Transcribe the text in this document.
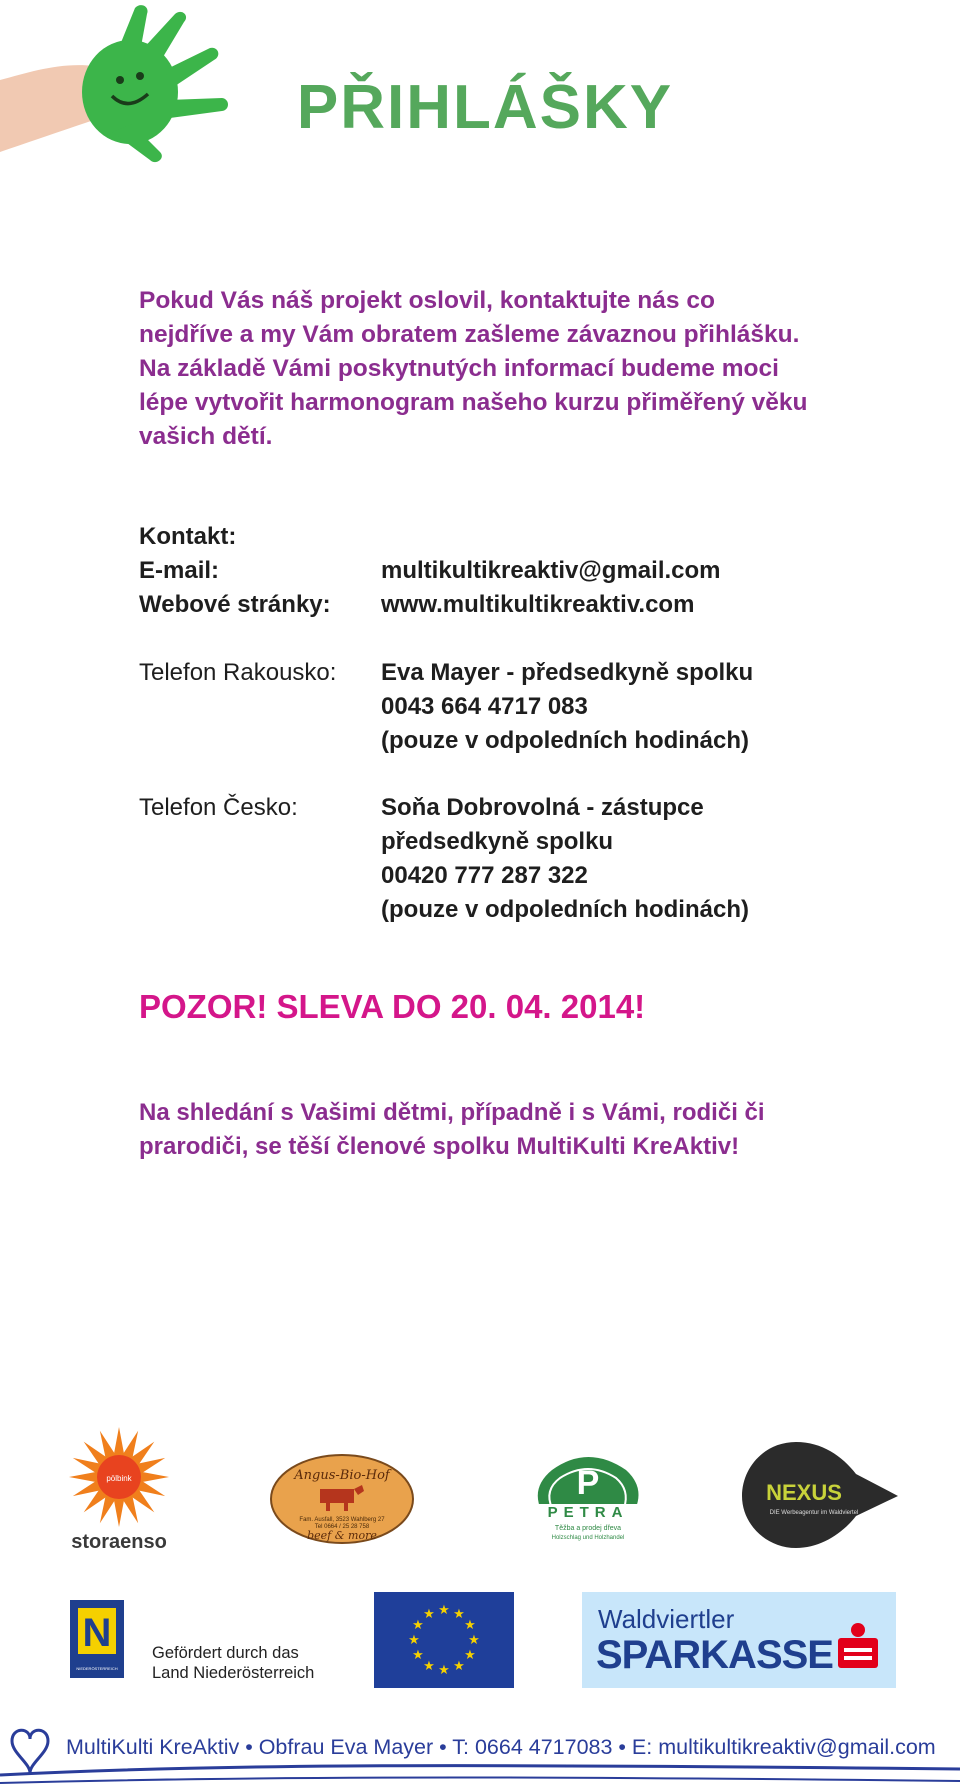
PŘIHLÁŠKY
Pokud Vás náš projekt oslovil, kontaktujte nás co
nejdříve a my Vám obratem zašleme závaznou přihlášku.
Na základě Vámi poskytnutých informací budeme moci
lépe vytvořit harmonogram našeho kurzu přiměřený věku
vašich dětí.
Kontakt:
E-mail:	multikultikreaktiv@gmail.com
Webové stránky: www.multikultikreaktiv.com
Telefon Rakousko: Eva Mayer - předsedkyně spolku
0043 664 4717 083
(pouze v odpoledních hodinách)
Telefon Česko:	Soňa Dobrovolná - zástupce
předsedkyně spolku
00420 777 287 322
(pouze v odpoledních hodinách)
POZOR! SLEVA DO 20. 04. 2014!
Na shledání s Vašimi dětmi, případně i s Vámi, rodiči či
prarodiči, se těší členové spolku MultiKulti KreAktiv!
pölbink
storaenso
Angus-Bio-Hof
Fam. Ausfall, 3523 Wahlberg 27
Tel 0664 / 25 28 758
beef & more
P
PETRA
Těžba a prodej dřeva
Holzschlag und Holzhandel
NEXUS
DIE Werbeagentur im Waldviertel
N
NIEDERÖSTERREICH
Gefördert durch das
Land Niederösterreich
★ ★
★
★
★
★
★
★
★
★
★
★	Waldviertler
SPARKASSE
MultiKulti KreAktiv • Obfrau Eva Mayer • T: 0664 4717083 • E: multikultikreaktiv@gmail.com
